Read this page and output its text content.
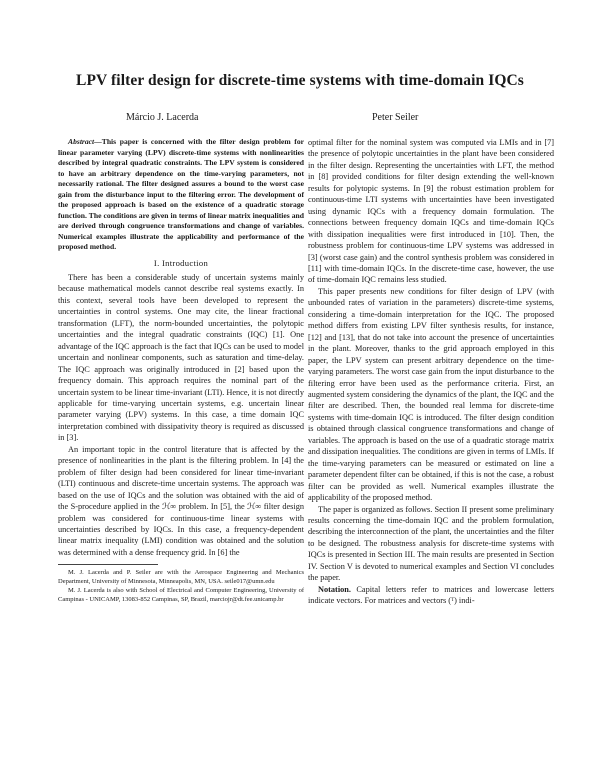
LPV filter design for discrete-time systems with time-domain IQCs
Márcio J. Lacerda	Peter Seiler

Abstract—This paper is concerned with the filter design problem for linear parameter varying (LPV) discrete-time systems with nonlinearities described by integral quadratic constraints. The LPV system is considered to have an arbitrary dependence on the time-varying parameters, not necessarily rational. The filter designed assures a bound to the worst case gain from the disturbance input to the filtering error. The development of the proposed approach is based on the existence of a quadratic storage function. The conditions are given in terms of linear matrix inequalities and are derived through congruence transformations and change of variables. Numerical examples illustrate the applicability and performance of the proposed method.

I. Introduction

There has been a considerable study of uncertain systems mainly because mathematical models cannot describe real systems exactly. In this context, several tools have been developed to represent the uncertainties in control systems. One may cite, the linear fractional transformation (LFT), the norm-bounded uncertainties, the polytopic uncertainties and the integral quadratic constraints (IQC) [1]. One advantage of the IQC approach is the fact that IQCs can be used to model uncertain and nonlinear components, such as saturation and time-delay. The IQC approach was originally introduced in [2] based upon the frequency domain. This approach requires the nominal part of the uncertain system to be linear time-invariant (LTI). Hence, it is not directly applicable for time-varying uncertain systems, e.g. uncertain linear parameter varying (LPV) systems. In this case, a time domain IQC interpretation combined with dissipativity theory is required as discussed in [3].

An important topic in the control literature that is affected by the presence of nonlinearities in the plant is the filtering problem. In [4] the problem of filter design had been considered for linear time-invariant (LTI) continuous and discrete-time uncertain systems. The approach was based on the use of IQCs and the solution was obtained with the aid of the S-procedure applied in the ℋ∞ problem. In [5], the ℋ∞ filter design problem was considered for continuous-time linear systems with uncertainties described by IQCs. In this case, a frequency-dependent linear matrix inequality (LMI) condition was obtained and the solution was determined with a dense frequency grid. In [6] the

M. J. Lacerda and P. Seiler are with the Aerospace Engineering and Mechanics Department, University of Minnesota, Minneapolis, MN, USA. seile017@umn.edu

M. J. Lacerda is also with School of Electrical and Computer Engineering, University of Campinas - UNICAMP, 13083-852 Campinas, SP, Brazil, marciojr@dt.fee.unicamp.br

optimal filter for the nominal system was computed via LMIs and in [7] the presence of polytopic uncertainties in the plant have been considered in the filter design. Representing the uncertainties with LFT, the method in [8] provided conditions for filter design extending the well-known results for polytopic systems. In [9] the robust estimation problem for continuous-time LTI systems with uncertainties have been investigated using dynamic IQCs with a frequency domain formulation. The connections between frequency domain IQCs and time-domain IQCs with dissipation inequalities were first introduced in [10]. Then, the robustness problem for continuous-time LPV systems was addressed in [3] (worst case gain) and the control synthesis problem was considered in [11] with time-domain IQCs. In the discrete-time case, however, the use of time-domain IQC remains less studied.

This paper presents new conditions for filter design of LPV (with unbounded rates of variation in the parameters) discrete-time systems, considering a time-domain interpretation for the IQC. The proposed method differs from existing LPV filter synthesis results, for instance, [12] and [13], that do not take into account the presence of uncertainties in the plant. Moreover, thanks to the grid approach employed in this paper, the LPV system can present arbitrary dependence on the time-varying parameters. The worst case gain from the input disturbance to the filtering error have been used as the performance criteria. First, an augmented system considering the dynamics of the plant, the IQC and the filter are described. Then, the bounded real lemma for discrete-time systems with time-domain IQC is introduced. The filter design condition is obtained through classical congruence transformations and change of variables. The approach is based on the use of a quadratic storage matrix and dissipation inequalities. The conditions are given in terms of LMIs. If the time-varying parameters can be measured or estimated on line a parameter dependent filter can be obtained, if this is not the case, a robust filter can be provided as well. Numerical examples illustrate the applicability of the proposed method.

The paper is organized as follows. Section II present some preliminary results concerning the time-domain IQC and the problem formulation, describing the interconnection of the plant, the uncertainties and the filter to be designed. The robustness analysis for discrete-time systems with IQCs is presented in Section III. The main results are presented in Section IV. Section V is devoted to numerical examples and Section VI concludes the paper.

Notation. Capital letters refer to matrices and lowercase letters indicate vectors. For matrices and vectors (ᵀ) indi-
